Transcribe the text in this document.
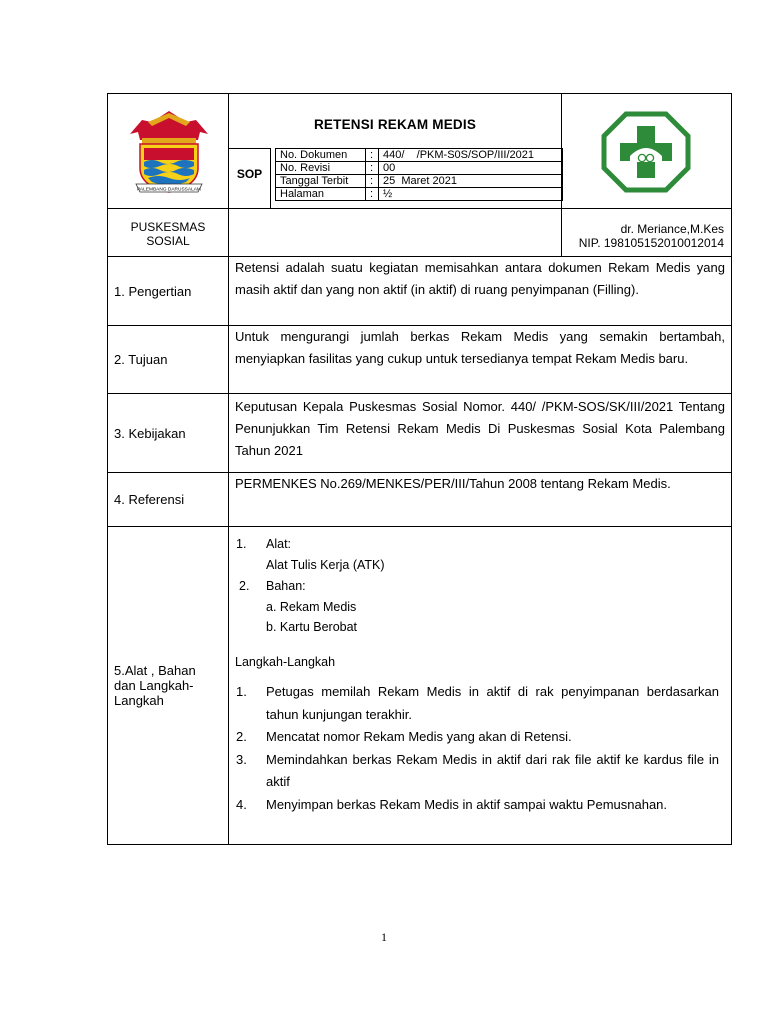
PALEMBANG DARUSSALAM

RETENSI REKAM MEDIS
SOP
No. Dokumen	:	440/    /PKM-S0S/SOP/III/2021
No. Revisi	:	00
Tanggal Terbit	:	25  Maret 2021
Halaman	:	½

PUSKESMAS
SOSIAL

dr. Meriance,M.Kes
NIP. 198105152010012014

1. Pengertian	
Retensi adalah suatu kegiatan memisahkan antara dokumen Rekam Medis yang masih aktif dan yang non aktif (in aktif) di ruang penyimpanan (Filling).

2. Tujuan	
Untuk mengurangi jumlah berkas Rekam Medis yang semakin bertambah, menyiapkan fasilitas yang cukup untuk tersedianya tempat Rekam Medis baru.

3. Kebijakan	
Keputusan Kepala Puskesmas Sosial Nomor. 440/ /PKM-SOS/SK/III/2021 Tentang Penunjukkan Tim Retensi Rekam Medis Di Puskesmas Sosial Kota Palembang Tahun 2021

4. Referensi	
PERMENKES No.269/MENKES/PER/III/Tahun 2008 tentang Rekam Medis.

5.Alat , Bahan
dan Langkah-
Langkah

1. Alat:
Alat Tulis Kerja (ATK)
2. Bahan:
a. Rekam Medis
b. Kartu Berobat
Langkah-Langkah
1. Petugas memilah Rekam Medis in aktif di rak penyimpanan berdasarkan tahun kunjungan terakhir.
2. Mencatat nomor Rekam Medis yang akan di Retensi.
3. Memindahkan berkas Rekam Medis in aktif dari rak file aktif ke kardus file in aktif
4. Menyimpan berkas Rekam Medis in aktif sampai waktu Pemusnahan.
1
